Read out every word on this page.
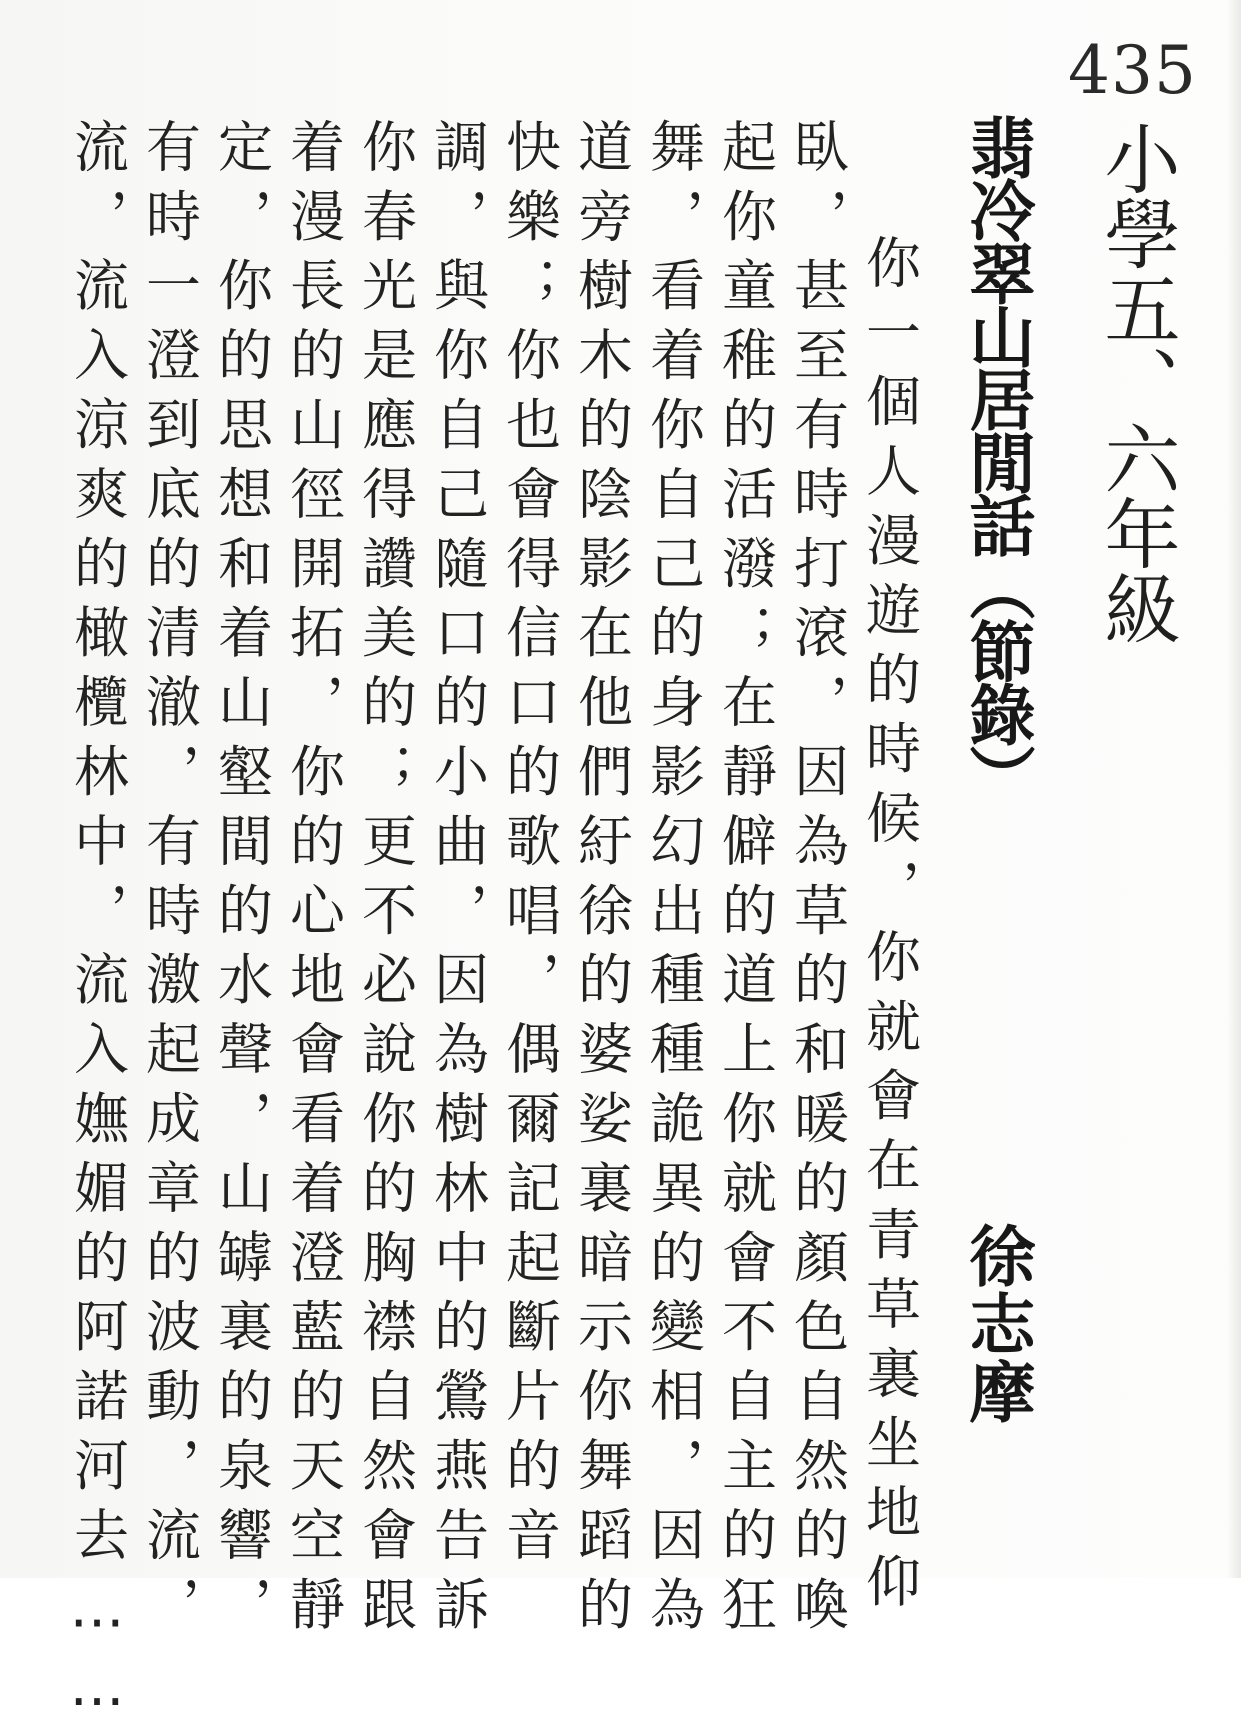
435
小學五、六年級
翡冷翠山居閒話（節錄）
徐志摩
你一個人漫遊的時候，你就會在青草裏坐地仰
臥，甚至有時打滾，因為草的和暖的顏色自然的喚
起你童稚的活潑；在靜僻的道上你就會不自主的狂
舞，看着你自己的身影幻出種種詭異的變相，因為
道旁樹木的陰影在他們紆徐的婆娑裏暗示你舞蹈的
快樂；你也會得信口的歌唱，偶爾記起斷片的音
調，與你自己隨口的小曲，因為樹林中的鶯燕告訴
你春光是應得讚美的；更不必說你的胸襟自然會跟
着漫長的山徑開拓，你的心地會看着澄藍的天空靜
定，你的思想和着山壑間的水聲，山罅裏的泉響，
有時一澄到底的清澈，有時激起成章的波動，流，
流，流入涼爽的橄欖林中，流入嫵媚的阿諾河去……
